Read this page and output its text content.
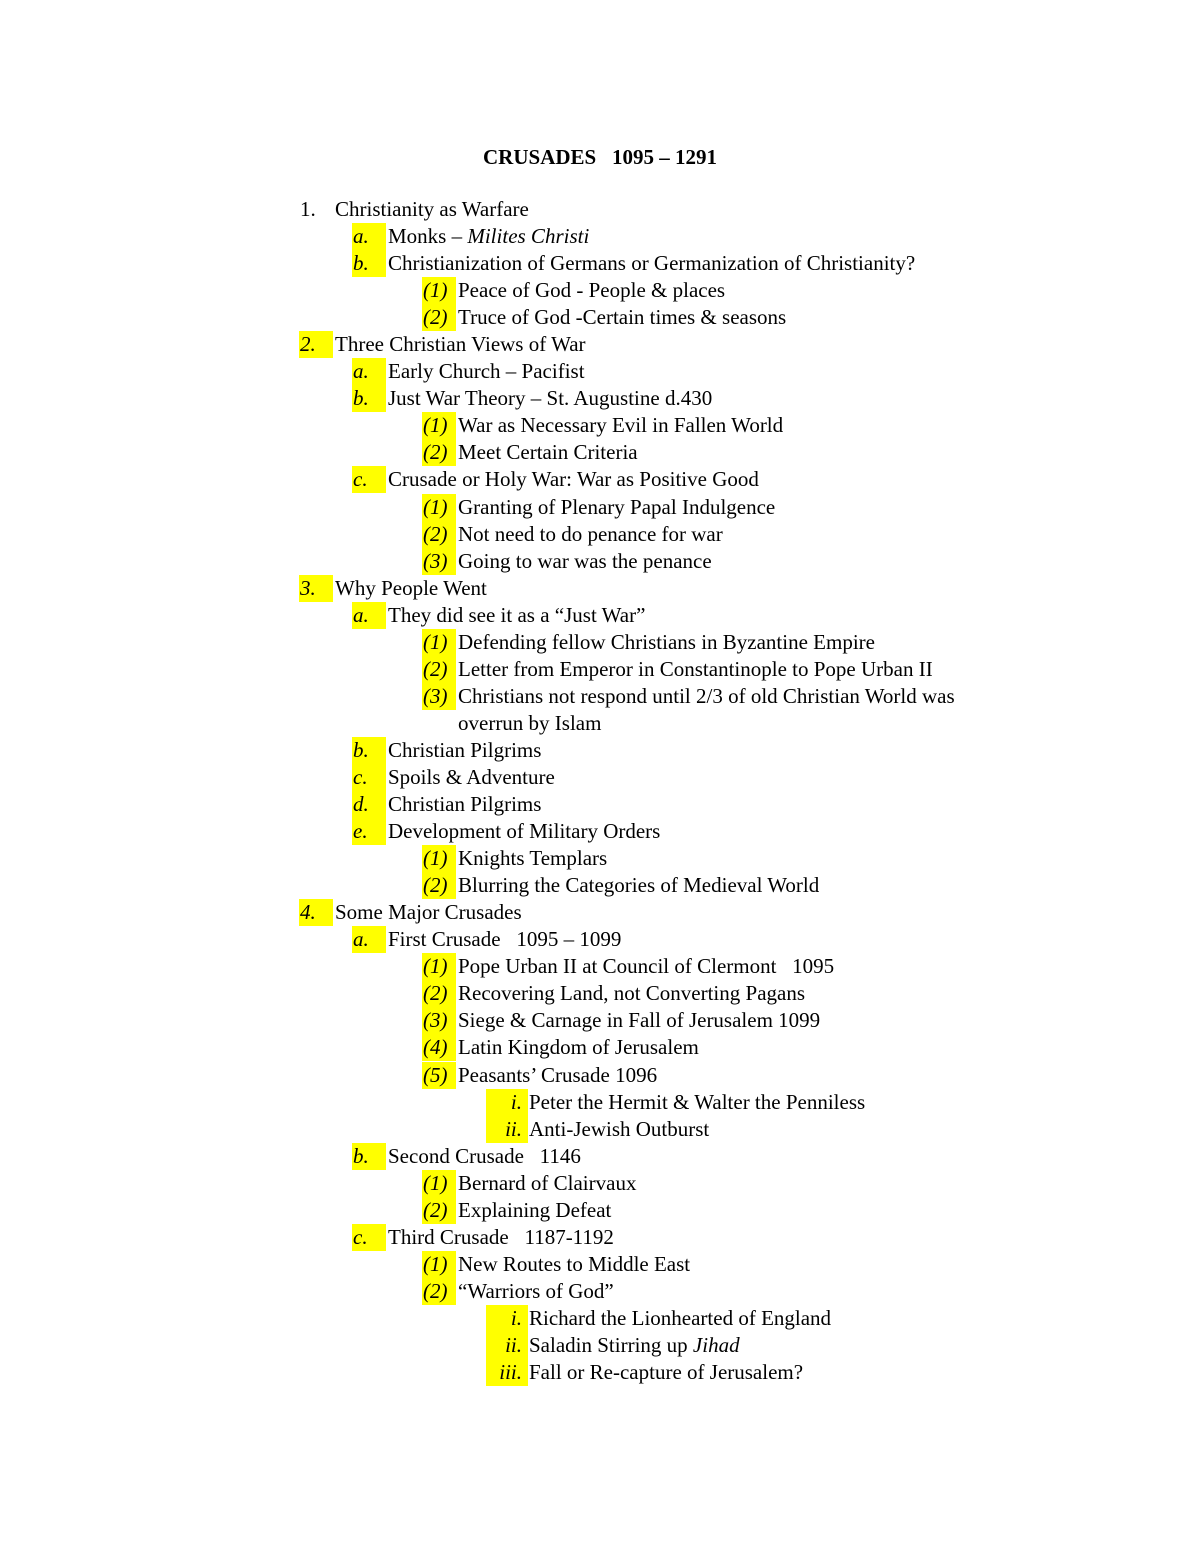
CRUSADES   1095 – 1291
1. Christianity as Warfare
a. Monks – Milites Christi
b. Christianization of Germans or Germanization of Christianity?
(1) Peace of God - People & places
(2) Truce of God -Certain times & seasons
2. Three Christian Views of War
a. Early Church – Pacifist
b. Just War Theory – St. Augustine d.430
(1) War as Necessary Evil in Fallen World
(2) Meet Certain Criteria
c. Crusade or Holy War: War as Positive Good
(1) Granting of Plenary Papal Indulgence
(2) Not need to do penance for war
(3) Going to war was the penance
3. Why People Went
a. They did see it as a “Just War”
(1) Defending fellow Christians in Byzantine Empire
(2) Letter from Emperor in Constantinople to Pope Urban II
(3) Christians not respond until 2/3 of old Christian World was overrun by Islam
b. Christian Pilgrims
c. Spoils & Adventure
d. Christian Pilgrims
e. Development of Military Orders
(1) Knights Templars
(2) Blurring the Categories of Medieval World
4. Some Major Crusades
a. First Crusade   1095 – 1099
(1) Pope Urban II at Council of Clermont   1095
(2) Recovering Land, not Converting Pagans
(3) Siege & Carnage in Fall of Jerusalem 1099
(4) Latin Kingdom of Jerusalem
(5) Peasants’ Crusade 1096
i. Peter the Hermit & Walter the Penniless
ii. Anti-Jewish Outburst
b. Second Crusade   1146
(1) Bernard of Clairvaux
(2) Explaining Defeat
c. Third Crusade   1187-1192
(1) New Routes to Middle East
(2) “Warriors of God”
i. Richard the Lionhearted of England
ii. Saladin Stirring up Jihad
iii. Fall or Re-capture of Jerusalem?
